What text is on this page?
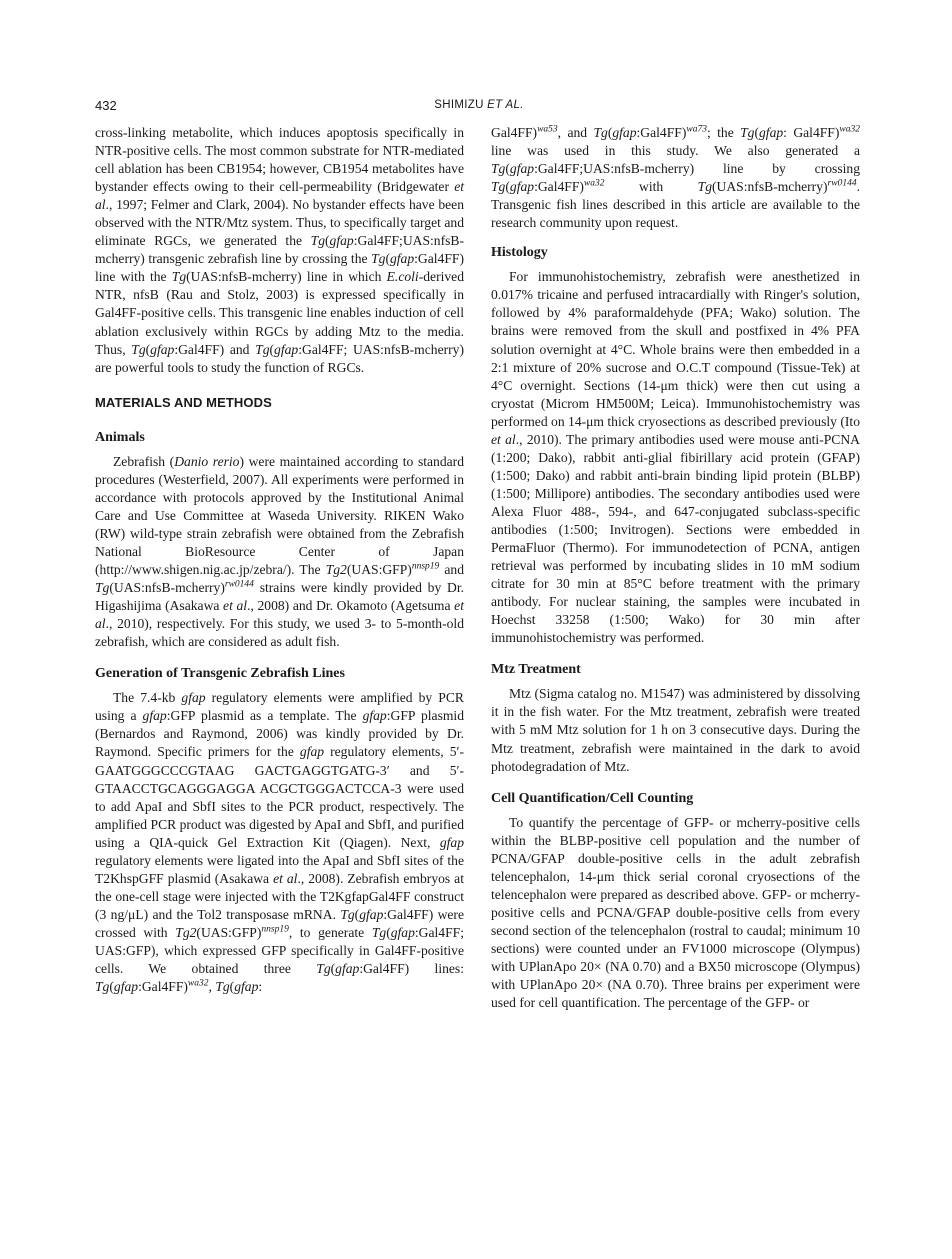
432	SHIMIZU ET AL.

cross-linking metabolite, which induces apoptosis specifically in NTR-positive cells. The most common substrate for NTR-mediated cell ablation has been CB1954; however, CB1954 metabolites have bystander effects owing to their cell-permeability (Bridgewater et al., 1997; Felmer and Clark, 2004). No bystander effects have been observed with the NTR/Mtz system. Thus, to specifically target and eliminate RGCs, we generated the Tg(gfap:Gal4FF;UAS:nfsB-mcherry) transgenic zebrafish line by crossing the Tg(gfap:Gal4FF) line with the Tg(UAS:nfsB-mcherry) line in which E.coli-derived NTR, nfsB (Rau and Stolz, 2003) is expressed specifically in Gal4FF-positive cells. This transgenic line enables induction of cell ablation exclusively within RGCs by adding Mtz to the media. Thus, Tg(gfap:Gal4FF) and Tg(gfap:Gal4FF; UAS:nfsB-mcherry) are powerful tools to study the function of RGCs.

MATERIALS AND METHODS
Animals

Zebrafish (Danio rerio) were maintained according to standard procedures (Westerfield, 2007). All experiments were performed in accordance with protocols approved by the Institutional Animal Care and Use Committee at Waseda University. RIKEN Wako (RW) wild-type strain zebrafish were obtained from the Zebrafish National BioResource Center of Japan (http://www.shigen.nig.ac.jp/zebra/). The Tg2(UAS:GFP)$^{nnsp19}$ and Tg(UAS:nfsB-mcherry)$^{rw0144}$ strains were kindly provided by Dr. Higashijima (Asakawa et al., 2008) and Dr. Okamoto (Agetsuma et al., 2010), respectively. For this study, we used 3- to 5-month-old zebrafish, which are considered as adult fish.

Generation of Transgenic Zebrafish Lines

The 7.4-kb gfap regulatory elements were amplified by PCR using a gfap:GFP plasmid as a template. The gfap:GFP plasmid (Bernardos and Raymond, 2006) was kindly provided by Dr. Raymond. Specific primers for the gfap regulatory elements, 5′-GAATGGGCCCGTAAG GACTGAGGTGATG-3′ and 5′-GTAACCTGCAGGGAGGA ACGCTGGGACTCCA-3 were used to add ApaI and SbfI sites to the PCR product, respectively. The amplified PCR product was digested by ApaI and SbfI, and purified using a QIA-quick Gel Extraction Kit (Qiagen). Next, gfap regulatory elements were ligated into the ApaI and SbfI sites of the T2KhspGFF plasmid (Asakawa et al., 2008). Zebrafish embryos at the one-cell stage were injected with the T2KgfapGal4FF construct (3 ng/μL) and the Tol2 transposase mRNA. Tg(gfap:Gal4FF) were crossed with Tg2(UAS:GFP)$^{nnsp19}$, to generate Tg(gfap:Gal4FF; UAS:GFP), which expressed GFP specifically in Gal4FF-positive cells. We obtained three Tg(gfap:Gal4FF) lines: Tg(gfap:Gal4FF)$^{wa32}$, Tg(gfap:

Gal4FF)$^{wa53}$, and Tg(gfap:Gal4FF)$^{wa73}$; the Tg(gfap: Gal4FF)$^{wa32}$ line was used in this study. We also generated a Tg(gfap:Gal4FF;UAS:nfsB-mcherry) line by crossing Tg(gfap:Gal4FF)$^{wa32}$ with Tg(UAS:nfsB-mcherry)$^{rw0144}$. Transgenic fish lines described in this article are available to the research community upon request.

Histology

For immunohistochemistry, zebrafish were anesthetized in 0.017% tricaine and perfused intracardially with Ringer's solution, followed by 4% paraformaldehyde (PFA; Wako) solution. The brains were removed from the skull and postfixed in 4% PFA solution overnight at 4°C. Whole brains were then embedded in a 2:1 mixture of 20% sucrose and O.C.T compound (Tissue-Tek) at 4°C overnight. Sections (14-μm thick) were then cut using a cryostat (Microm HM500M; Leica). Immunohistochemistry was performed on 14-μm thick cryosections as described previously (Ito et al., 2010). The primary antibodies used were mouse anti-PCNA (1:200; Dako), rabbit anti-glial fibirillary acid protein (GFAP) (1:500; Dako) and rabbit anti-brain binding lipid protein (BLBP) (1:500; Millipore) antibodies. The secondary antibodies used were Alexa Fluor 488-, 594-, and 647-conjugated subclass-specific antibodies (1:500; Invitrogen). Sections were embedded in PermaFluor (Thermo). For immunodetection of PCNA, antigen retrieval was performed by incubating slides in 10 mM sodium citrate for 30 min at 85°C before treatment with the primary antibody. For nuclear staining, the samples were incubated in Hoechst 33258 (1:500; Wako) for 30 min after immunohistochemistry was performed.

Mtz Treatment

Mtz (Sigma catalog no. M1547) was administered by dissolving it in the fish water. For the Mtz treatment, zebrafish were treated with 5 mM Mtz solution for 1 h on 3 consecutive days. During the Mtz treatment, zebrafish were maintained in the dark to avoid photodegradation of Mtz.

Cell Quantification/Cell Counting

To quantify the percentage of GFP- or mcherry-positive cells within the BLBP-positive cell population and the number of PCNA/GFAP double-positive cells in the adult zebrafish telencephalon, 14-μm thick serial coronal cryosections of the telencephalon were prepared as described above. GFP- or mcherry-positive cells and PCNA/GFAP double-positive cells from every second section of the telencephalon (rostral to caudal; minimum 10 sections) were counted under an FV1000 microscope (Olympus) with UPlanApo 20× (NA 0.70) and a BX50 microscope (Olympus) with UPlanApo 20× (NA 0.70). Three brains per experiment were used for cell quantification. The percentage of the GFP- or
